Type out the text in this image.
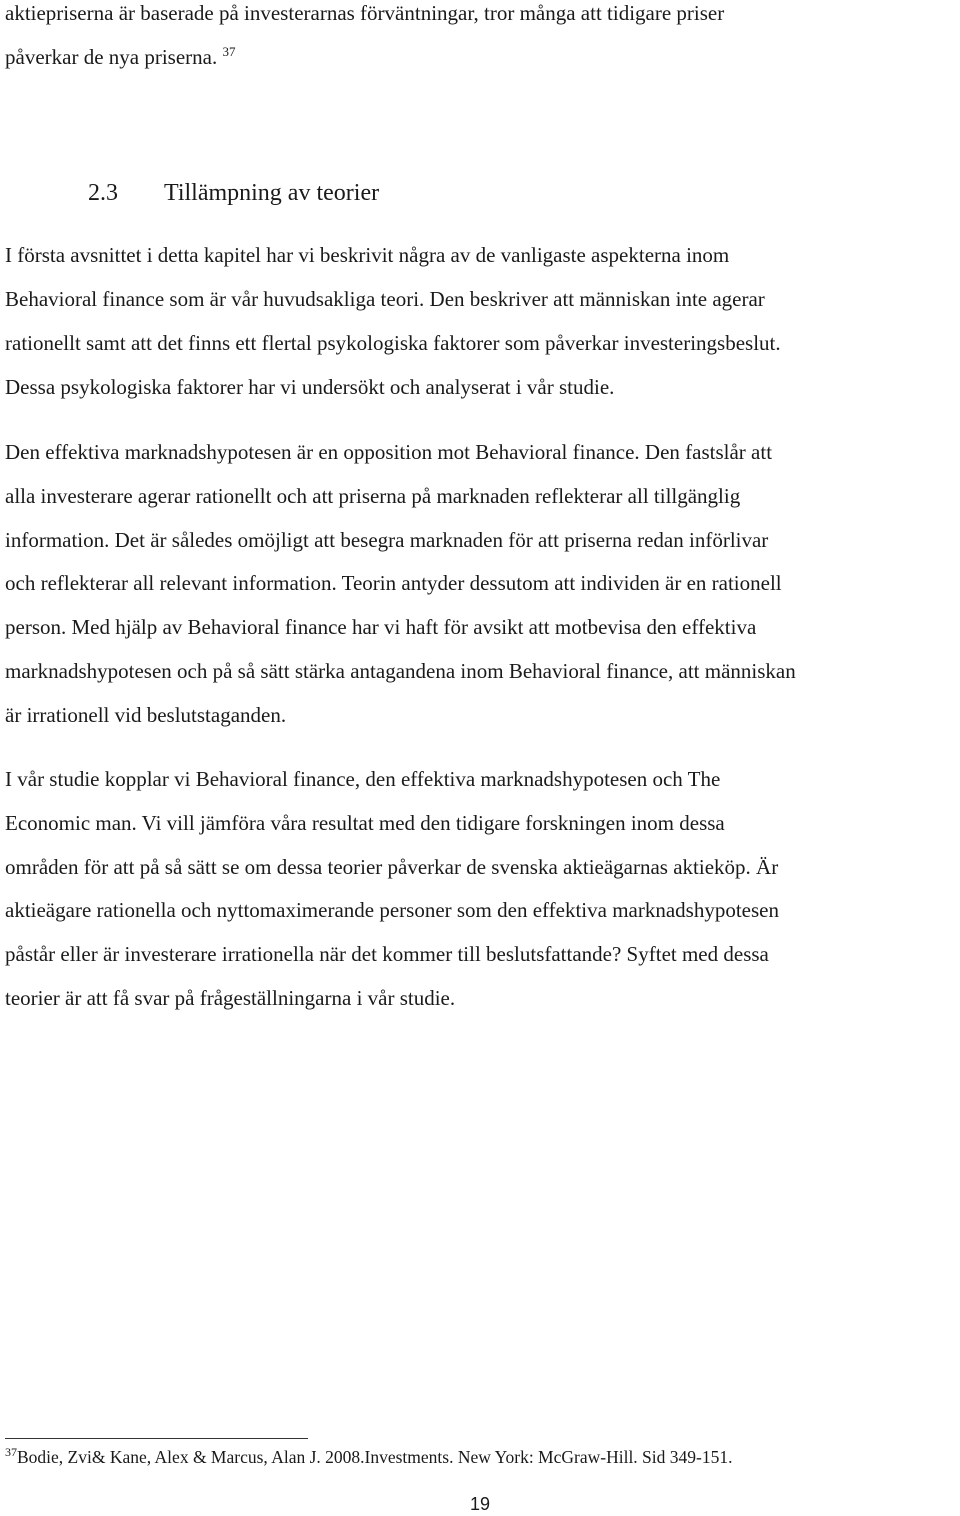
aktiepriserna är baserade på investerarnas förväntningar, tror många att tidigare priser
påverkar de nya priserna. $^{37}$
2.3 Tillämpning av teorier
I första avsnittet i detta kapitel har vi beskrivit några av de vanligaste aspekterna inom
Behavioral finance som är vår huvudsakliga teori. Den beskriver att människan inte agerar
rationellt samt att det finns ett flertal psykologiska faktorer som påverkar investeringsbeslut.
Dessa psykologiska faktorer har vi undersökt och analyserat i vår studie.
Den effektiva marknadshypotesen är en opposition mot Behavioral finance. Den fastslår att
alla investerare agerar rationellt och att priserna på marknaden reflekterar all tillgänglig
information. Det är således omöjligt att besegra marknaden för att priserna redan införlivar
och reflekterar all relevant information. Teorin antyder dessutom att individen är en rationell
person. Med hjälp av Behavioral finance har vi haft för avsikt att motbevisa den effektiva
marknadshypotesen och på så sätt stärka antagandena inom Behavioral finance, att människan
är irrationell vid beslutstaganden.
I vår studie kopplar vi Behavioral finance, den effektiva marknadshypotesen och The
Economic man. Vi vill jämföra våra resultat med den tidigare forskningen inom dessa
områden för att på så sätt se om dessa teorier påverkar de svenska aktieägarnas aktieköp. Är
aktieägare rationella och nyttomaximerande personer som den effektiva marknadshypotesen
påstår eller är investerare irrationella när det kommer till beslutsfattande? Syftet med dessa
teorier är att få svar på frågeställningarna i vår studie.
$^{37}$Bodie, Zvi& Kane, Alex & Marcus, Alan J. 2008.Investments. New York: McGraw-Hill. Sid 349-151.
19
